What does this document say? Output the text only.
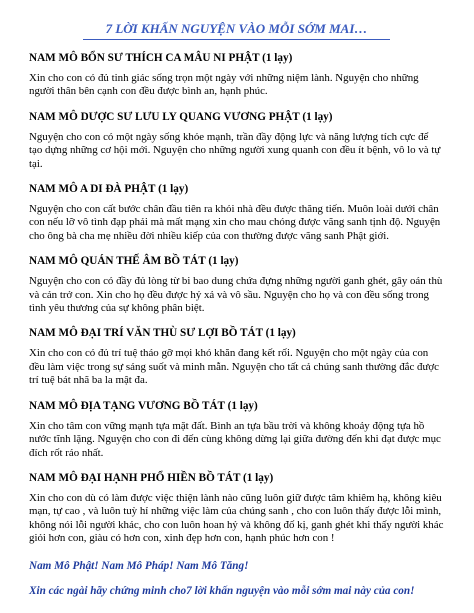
7 LỜI KHẤN NGUYỆN VÀO MỖI SỚM MAI…

NAM MÔ BỔN SƯ THÍCH CA MÂU NI PHẬT (1 lạy)

Xin cho con có đủ tinh giác sống trọn một ngày với những niệm lành. Nguyện cho những người thân bên cạnh con đều được bình an, hạnh phúc.

NAM MÔ DƯỢC SƯ LƯU LY QUANG VƯƠNG PHẬT (1 lạy)

Nguyện cho con có một ngày sống khỏe mạnh, trần đầy động lực và năng lượng tích cực để tạo dựng những cơ hội mới. Nguyện cho những người xung quanh con đều ít bệnh, vô lo và tự tại.

NAM MÔ A DI ĐÀ PHẬT (1 lạy)

Nguyện cho con cất bước chân đầu tiên ra khỏi nhà đều được thăng tiến. Muôn loài dưới chân con nếu lỡ vô tình đạp phải mà mất mạng xin cho mau chóng được vãng sanh tịnh độ. Nguyện cho ông bà cha mẹ nhiều đời nhiều kiếp của con thường được vãng sanh Phật giới.

NAM MÔ QUÁN THẾ ÂM BỒ TÁT (1 lạy)

Nguyện cho con có đầy đủ lòng từ bi bao dung chứa đựng những người ganh ghét, gây oán thù và cản trở con. Xin cho họ đều được hỷ xả và vô sầu. Nguyện cho họ và con đều sống trong tình yêu thương của sự không phân biệt.

NAM MÔ ĐẠI TRÍ VĂN THÙ SƯ LỢI BỒ TÁT (1 lạy)

Xin cho con có đủ trí tuệ tháo gỡ mọi khó khăn đang kết rối. Nguyện cho một ngày của con đều làm việc trong sự sáng suốt và minh mẫn. Nguyện cho tất cả chúng sanh thường đắc được trí tuệ bát nhã ba la mật đa.

NAM MÔ ĐỊA TẠNG VƯƠNG BỒ TÁT (1 lạy)

Xin cho tâm con vững mạnh tựa mặt đất. Bình an tựa bầu trời và không khoảy động tựa hồ nước tĩnh lặng. Nguyện cho con đi đến cùng không dừng lại giữa đường đến khi đạt được mục đích rốt ráo nhất.

NAM MÔ ĐẠI HẠNH PHỔ HIỀN BỒ TÁT (1 lạy)

Xin cho con dù có làm được việc thiện lành nào cũng luôn giữ được tâm khiêm hạ, không kiêu mạn, tự cao , và luôn tuỳ hỉ những việc làm của chúng sanh , cho con luôn thấy được lỗi mình, không nói lỗi người khác, cho con luôn hoan hỷ và không đố kị, ganh ghét khi thấy người khác giỏi hơn con, giàu có hơn con, xinh đẹp hơn con, hạnh phúc hơn con !

Nam Mô Phật! Nam Mô Pháp! Nam Mô Tăng!

Xin các ngài hãy chứng minh cho7 lời khấn nguyện vào mỗi sớm mai này của con!
